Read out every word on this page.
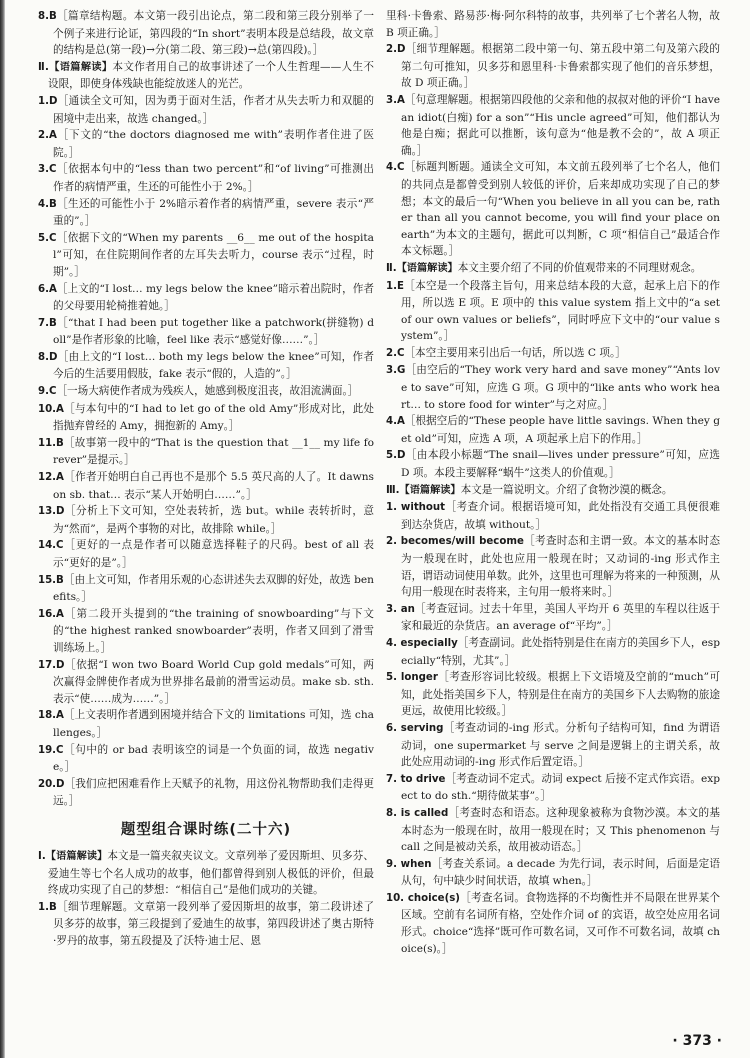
8.B［篇章结构题。本文第一段引出论点，第二段和第三段分别举了一个例子来进行论证，第四段的“In short”表明本段是总结段，故文章的结构是总(第一段)→分(第二段、第三段)→总(第四段)。］

Ⅱ.【语篇解读】本文作者用自己的故事讲述了一个人生哲理——人生不设限，即使身体残缺也能绽放迷人的光芒。

1.D［通读全文可知，因为勇于面对生活，作者才从失去听力和双腿的困境中走出来，故选 changed。］

2.A［下文的“the doctors diagnosed me with”表明作者住进了医院。］

3.C［依据本句中的“less than two percent”和“of living”可推测出作者的病情严重，生还的可能性小于 2%。］

4.B［生还的可能性小于 2%暗示着作者的病情严重，severe 表示“严重的”。］

5.C［依据下文的“When my parents __6__ me out of the hospital”可知，在住院期间作者的左耳失去听力，course 表示“过程，时期”。］

6.A［上文的“I lost… my legs below the knee”暗示着出院时，作者的父母要用轮椅推着她。］

7.B［“that I had been put together like a patchwork(拼缝物) doll”是作者形象的比喻，feel like 表示“感觉好像……”。］

8.D［由上文的“I lost… both my legs below the knee”可知，作者今后的生活要用假肢，fake 表示“假的，人造的”。］

9.C［一场大病使作者成为残疾人，她感到极度沮丧，故泪流满面。］

10.A［与本句中的“I had to let go of the old Amy”形成对比，此处指抛弃曾经的 Amy，拥抱新的 Amy。］

11.B［故事第一段中的“That is the question that __1__ my life forever”是提示。］

12.A［作者开始明白自己再也不是那个 5.5 英尺高的人了。It dawns on sb. that… 表示“某人开始明白……”。］

13.D［分析上下文可知，空处表转折，选 but。while 表转折时，意为“然而”，是两个事物的对比，故排除 while。］

14.C［更好的一点是作者可以随意选择鞋子的尺码。best of all 表示“更好的是”。］

15.B［由上文可知，作者用乐观的心态讲述失去双脚的好处，故选 benefits。］

16.A［第二段开头提到的“the training of snowboarding”与下文的“the highest ranked snowboarder”表明，作者又回到了滑雪训练场上。］

17.D［依据“I won two Board World Cup gold medals”可知，两次赢得金牌使作者成为世界排名最前的滑雪运动员。make sb. sth. 表示“使……成为……”。］

18.A［上文表明作者遇到困境并结合下文的 limitations 可知，选 challenges。］

19.C［句中的 or bad 表明该空的词是一个负面的词，故选 negative。］

20.D［我们应把困难看作上天赋予的礼物，用这份礼物帮助我们走得更远。］

题型组合课时练(二十六)

Ⅰ.【语篇解读】本文是一篇夹叙夹议文。文章列举了爱因斯坦、贝多芬、爱迪生等七个名人成功的故事，他们都曾得到别人极低的评价，但最终成功实现了自己的梦想：“相信自己”是他们成功的关键。

1.B［细节理解题。文章第一段列举了爱因斯坦的故事，第二段讲述了贝多芬的故事，第三段提到了爱迪生的故事，第四段讲述了奥古斯特·罗丹的故事，第五段提及了沃特·迪士尼、恩

里科·卡鲁索、路易莎·梅·阿尔科特的故事，共列举了七个著名人物，故 B 项正确。］

2.D［细节理解题。根据第二段中第一句、第五段中第二句及第六段的第二句可推知，贝多芬和恩里科·卡鲁索都实现了他们的音乐梦想，故 D 项正确。］

3.A［句意理解题。根据第四段他的父亲和他的叔叔对他的评价“I have an idiot(白痴) for a son”“His uncle agreed”可知，他们都认为他是白痴；据此可以推断，该句意为“他是教不会的”，故 A 项正确。］

4.C［标题判断题。通读全文可知，本文前五段列举了七个名人，他们的共同点是都曾受到别人较低的评价，后来却成功实现了自己的梦想；本文的最后一句“When you believe in all you can be, rather than all you cannot become, you will find your place on earth”为本文的主题句，据此可以判断，C 项“相信自己”最适合作本文标题。］

Ⅱ.【语篇解读】本文主要介绍了不同的价值观带来的不同理财观念。

1.E［本空是一个段落主旨句，用来总结本段的大意，起承上启下的作用，所以选 E 项。E 项中的 this value system 指上文中的“a set of our own values or beliefs”，同时呼应下文中的“our value system”。］

2.C［本空主要用来引出后一句话，所以选 C 项。］

3.G［由空后的“They work very hard and save money”“Ants love to save”可知，应选 G 项。G 项中的“like ants who work heart… to store food for winter”与之对应。］

4.A［根据空后的“These people have little savings. When they get old”可知，应选 A 项，A 项起承上启下的作用。］

5.D［由本段小标题“The snail—lives under pressure”可知，应选 D 项。本段主要解释“蜗牛”这类人的价值观。］

Ⅲ.【语篇解读】本文是一篇说明文。介绍了食物沙漠的概念。

1. without［考查介词。根据语境可知，此处指没有交通工具便很难到达杂货店，故填 without。］

2. becomes/will become［考查时态和主谓一致。本文的基本时态为一般现在时，此处也应用一般现在时；又动词的-ing 形式作主语，谓语动词使用单数。此外，这里也可理解为将来的一种预测，从句用一般现在时表将来，主句用一般将来时。］

3. an［考查冠词。过去十年里，美国人平均开 6 英里的车程以往返于家和最近的杂货店。an average of“平均”。］

4. especially［考查副词。此处指特别是住在南方的美国乡下人，especially“特别，尤其”。］

5. longer［考查形容词比较级。根据上下文语境及空前的“much”可知，此处指美国乡下人，特别是住在南方的美国乡下人去购物的旅途更远，故使用比较级。］

6. serving［考查动词的-ing 形式。分析句子结构可知，find 为谓语动词，one supermarket 与 serve 之间是逻辑上的主谓关系，故此处应用动词的-ing 形式作后置定语。］

7. to drive［考查动词不定式。动词 expect 后接不定式作宾语。expect to do sth.“期待做某事”。］

8. is called［考查时态和语态。这种现象被称为食物沙漠。本文的基本时态为一般现在时，故用一般现在时；又 This phenomenon 与 call 之间是被动关系，故用被动语态。］

9. when［考查关系词。a decade 为先行词，表示时间，后面是定语从句，句中缺少时间状语，故填 when。］

10. choice(s)［考查名词。食物选择的不均衡性并不局限在世界某个区域。空前有名词所有格，空处作介词 of 的宾语，故空处应用名词形式。choice“选择”既可作可数名词，又可作不可数名词，故填 choice(s)。］

· 373 ·
